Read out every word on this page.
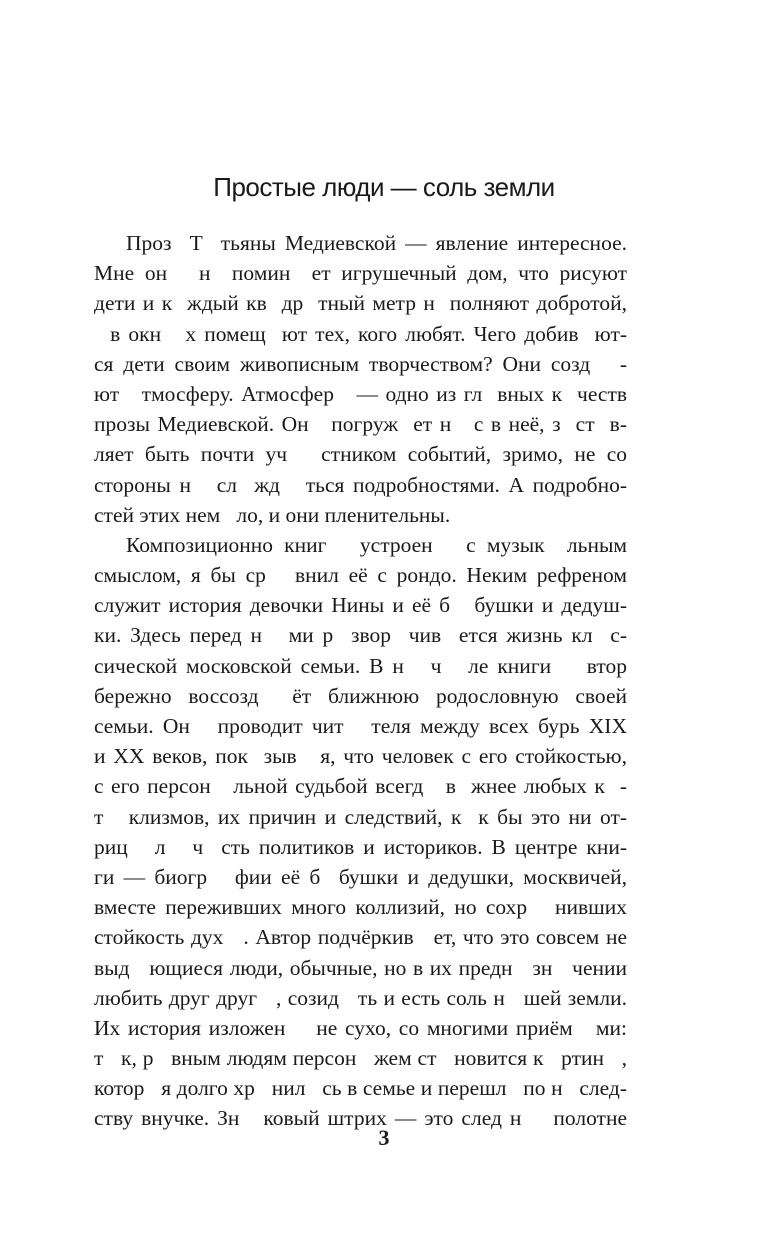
Простые люди — соль земли
Проз  Т  тьяны Медиевской — явление интересное.
Мне он   н  помин  ет игрушечный дом, что рисуют
дети и к  ждый кв  др  тный метр н  полняют добротой,
в окн   х помещ  ют тех, кого любят. Чего добив  ют-
ся дети своим живописным творчеством? Они созд   -
ют   тмосферу. Атмосфер   — одно из гл  вных к  честв
прозы Медиевской. Он   погруж  ет н   с в неё, з  ст  в-
ляет быть почти уч   стником событий, зримо, не со
стороны н   сл  жд   ться подробностями. А подробно-
стей этих нем   ло, и они пленительны.
Композиционно книг   устроен   с музык  льным
смыслом, я бы ср   внил её с рондо. Неким рефреном
служит история девочки Нины и её б   бушки и дедуш-
ки. Здесь перед н   ми р  звор  чив  ется жизнь кл  с-
сической московской семьи. В н   ч   ле книги    втор
бережно воссозд  ёт ближнюю родословную своей
семьи. Он   проводит чит   теля между всех бурь XIX
и XX веков, пок  зыв   я, что человек с его стойкостью,
с его персон   льной судьбой всегд   в  жнее любых к  -
т   клизмов, их причин и следствий, к  к бы это ни от-
риц   л   ч  сть политиков и историков. В центре кни-
ги — биогр   фии её б  бушки и дедушки, москвичей,
вместе переживших много коллизий, но сохр   нивших
стойкость дух   . Автор подчёркив   ет, что это совсем не
выд   ющиеся люди, обычные, но в их предн   зн   чении
любить друг друг   , созид   ть и есть соль н   шей земли.
Их история изложен    не сухо, со многими приём   ми:
т   к, р   вным людям персон   жем ст   новится к   ртин   ,
котор   я долго хр   нил   сь в семье и перешл   по н   след-
ству внучке. Зн   ковый штрих — это след н    полотне
3
